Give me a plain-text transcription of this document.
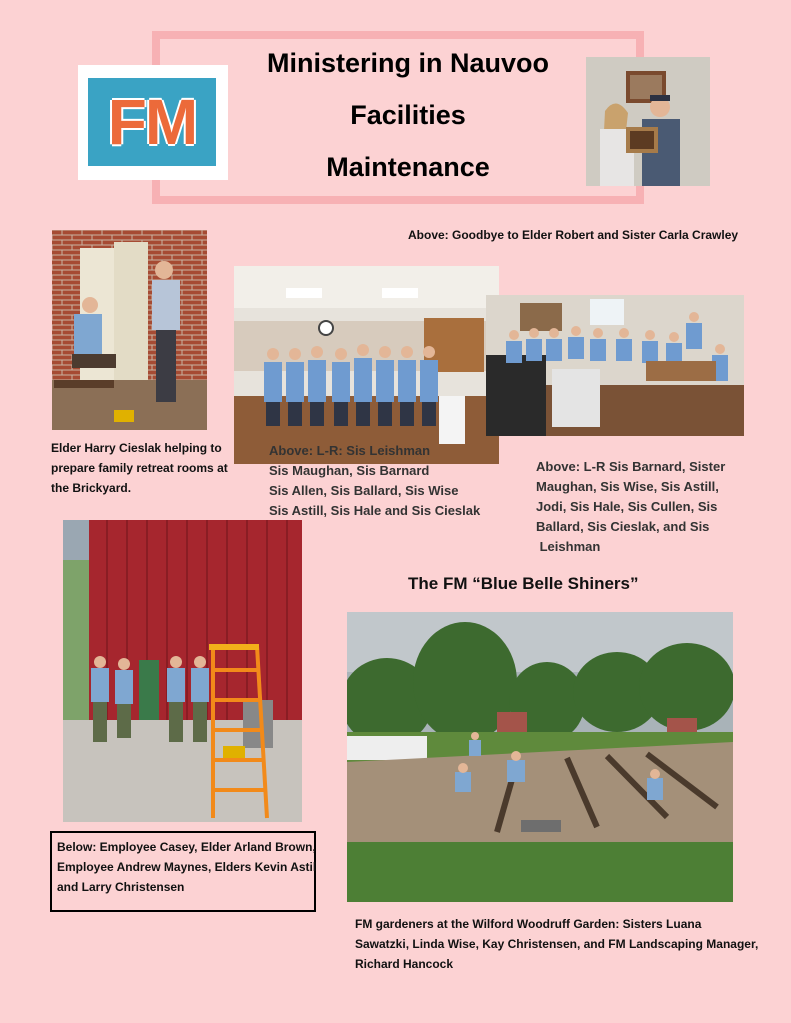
Ministering in Nauvoo
Facilities
Maintenance
FM
Above: Goodbye to Elder Robert and Sister Carla Crawley
Elder Harry Cieslak helping to
prepare family retreat rooms at
the Brickyard.
Above: L-R: Sis Leishman
Sis Maughan, Sis Barnard
Sis Allen, Sis Ballard, Sis Wise
Sis Astill, Sis Hale and Sis Cieslak
Above: L-R Sis Barnard, Sister
Maughan, Sis Wise, Sis Astill,
Jodi, Sis Hale, Sis Cullen, Sis
Ballard, Sis Cieslak, and Sis
Leishman
The FM “Blue Belle Shiners”
Below: Employee Casey, Elder Arland Brown,
Employee Andrew Maynes, Elders Kevin Astil
and Larry Christensen
FM gardeners at the Wilford Woodruff Garden: Sisters Luana
Sawatzki, Linda Wise, Kay Christensen, and FM Landscaping Manager,
Richard Hancock
